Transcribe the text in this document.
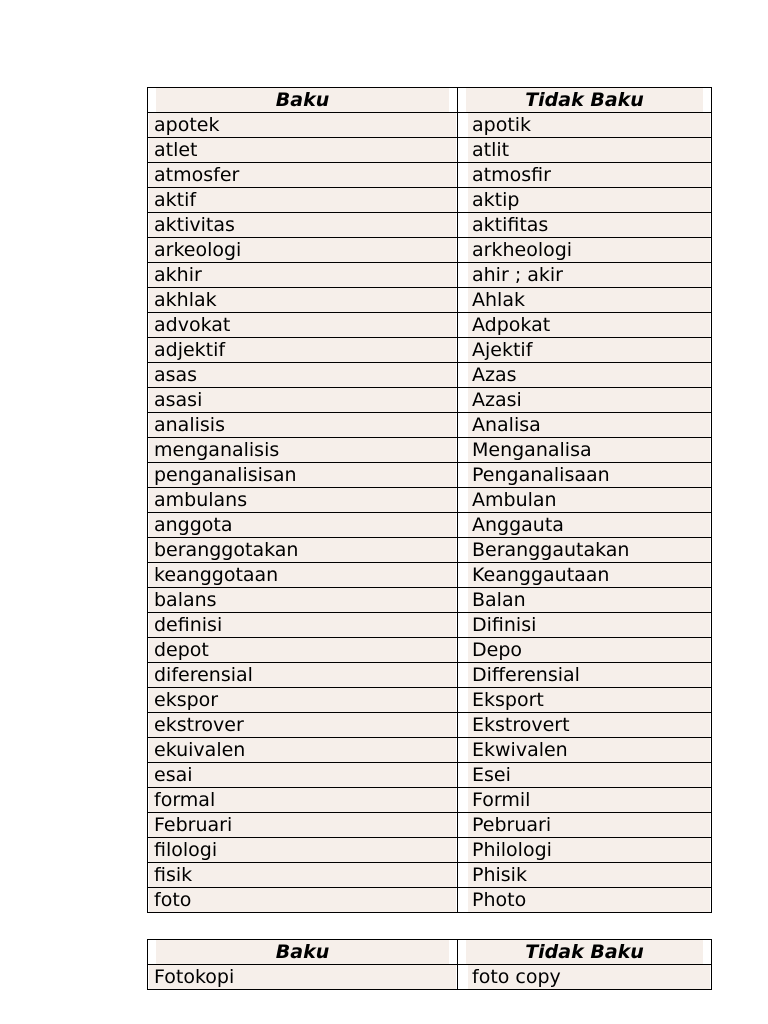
Baku	Tidak Baku

apotek	apotik

atlet	atlit

atmosfer	atmosfir

aktif	aktip

aktivitas	aktifitas

arkeologi	arkheologi

akhir	ahir ; akir

akhlak	Ahlak

advokat	Adpokat

adjektif	Ajektif

asas	Azas

asasi	Azasi

analisis	Analisa

menganalisis	Menganalisa

penganalisisan	Penganalisaan

ambulans	Ambulan

anggota	Anggauta

beranggotakan	Beranggautakan

keanggotaan	Keanggautaan

balans	Balan

definisi	Difinisi

depot	Depo

diferensial	Differensial

ekspor	Eksport

ekstrover	Ekstrovert

ekuivalen	Ekwivalen

esai	Esei

formal	Formil

Februari	Pebruari

filologi	Philologi

fisik	Phisik

foto	Photo
Baku	Tidak Baku

Fotokopi	foto copy
